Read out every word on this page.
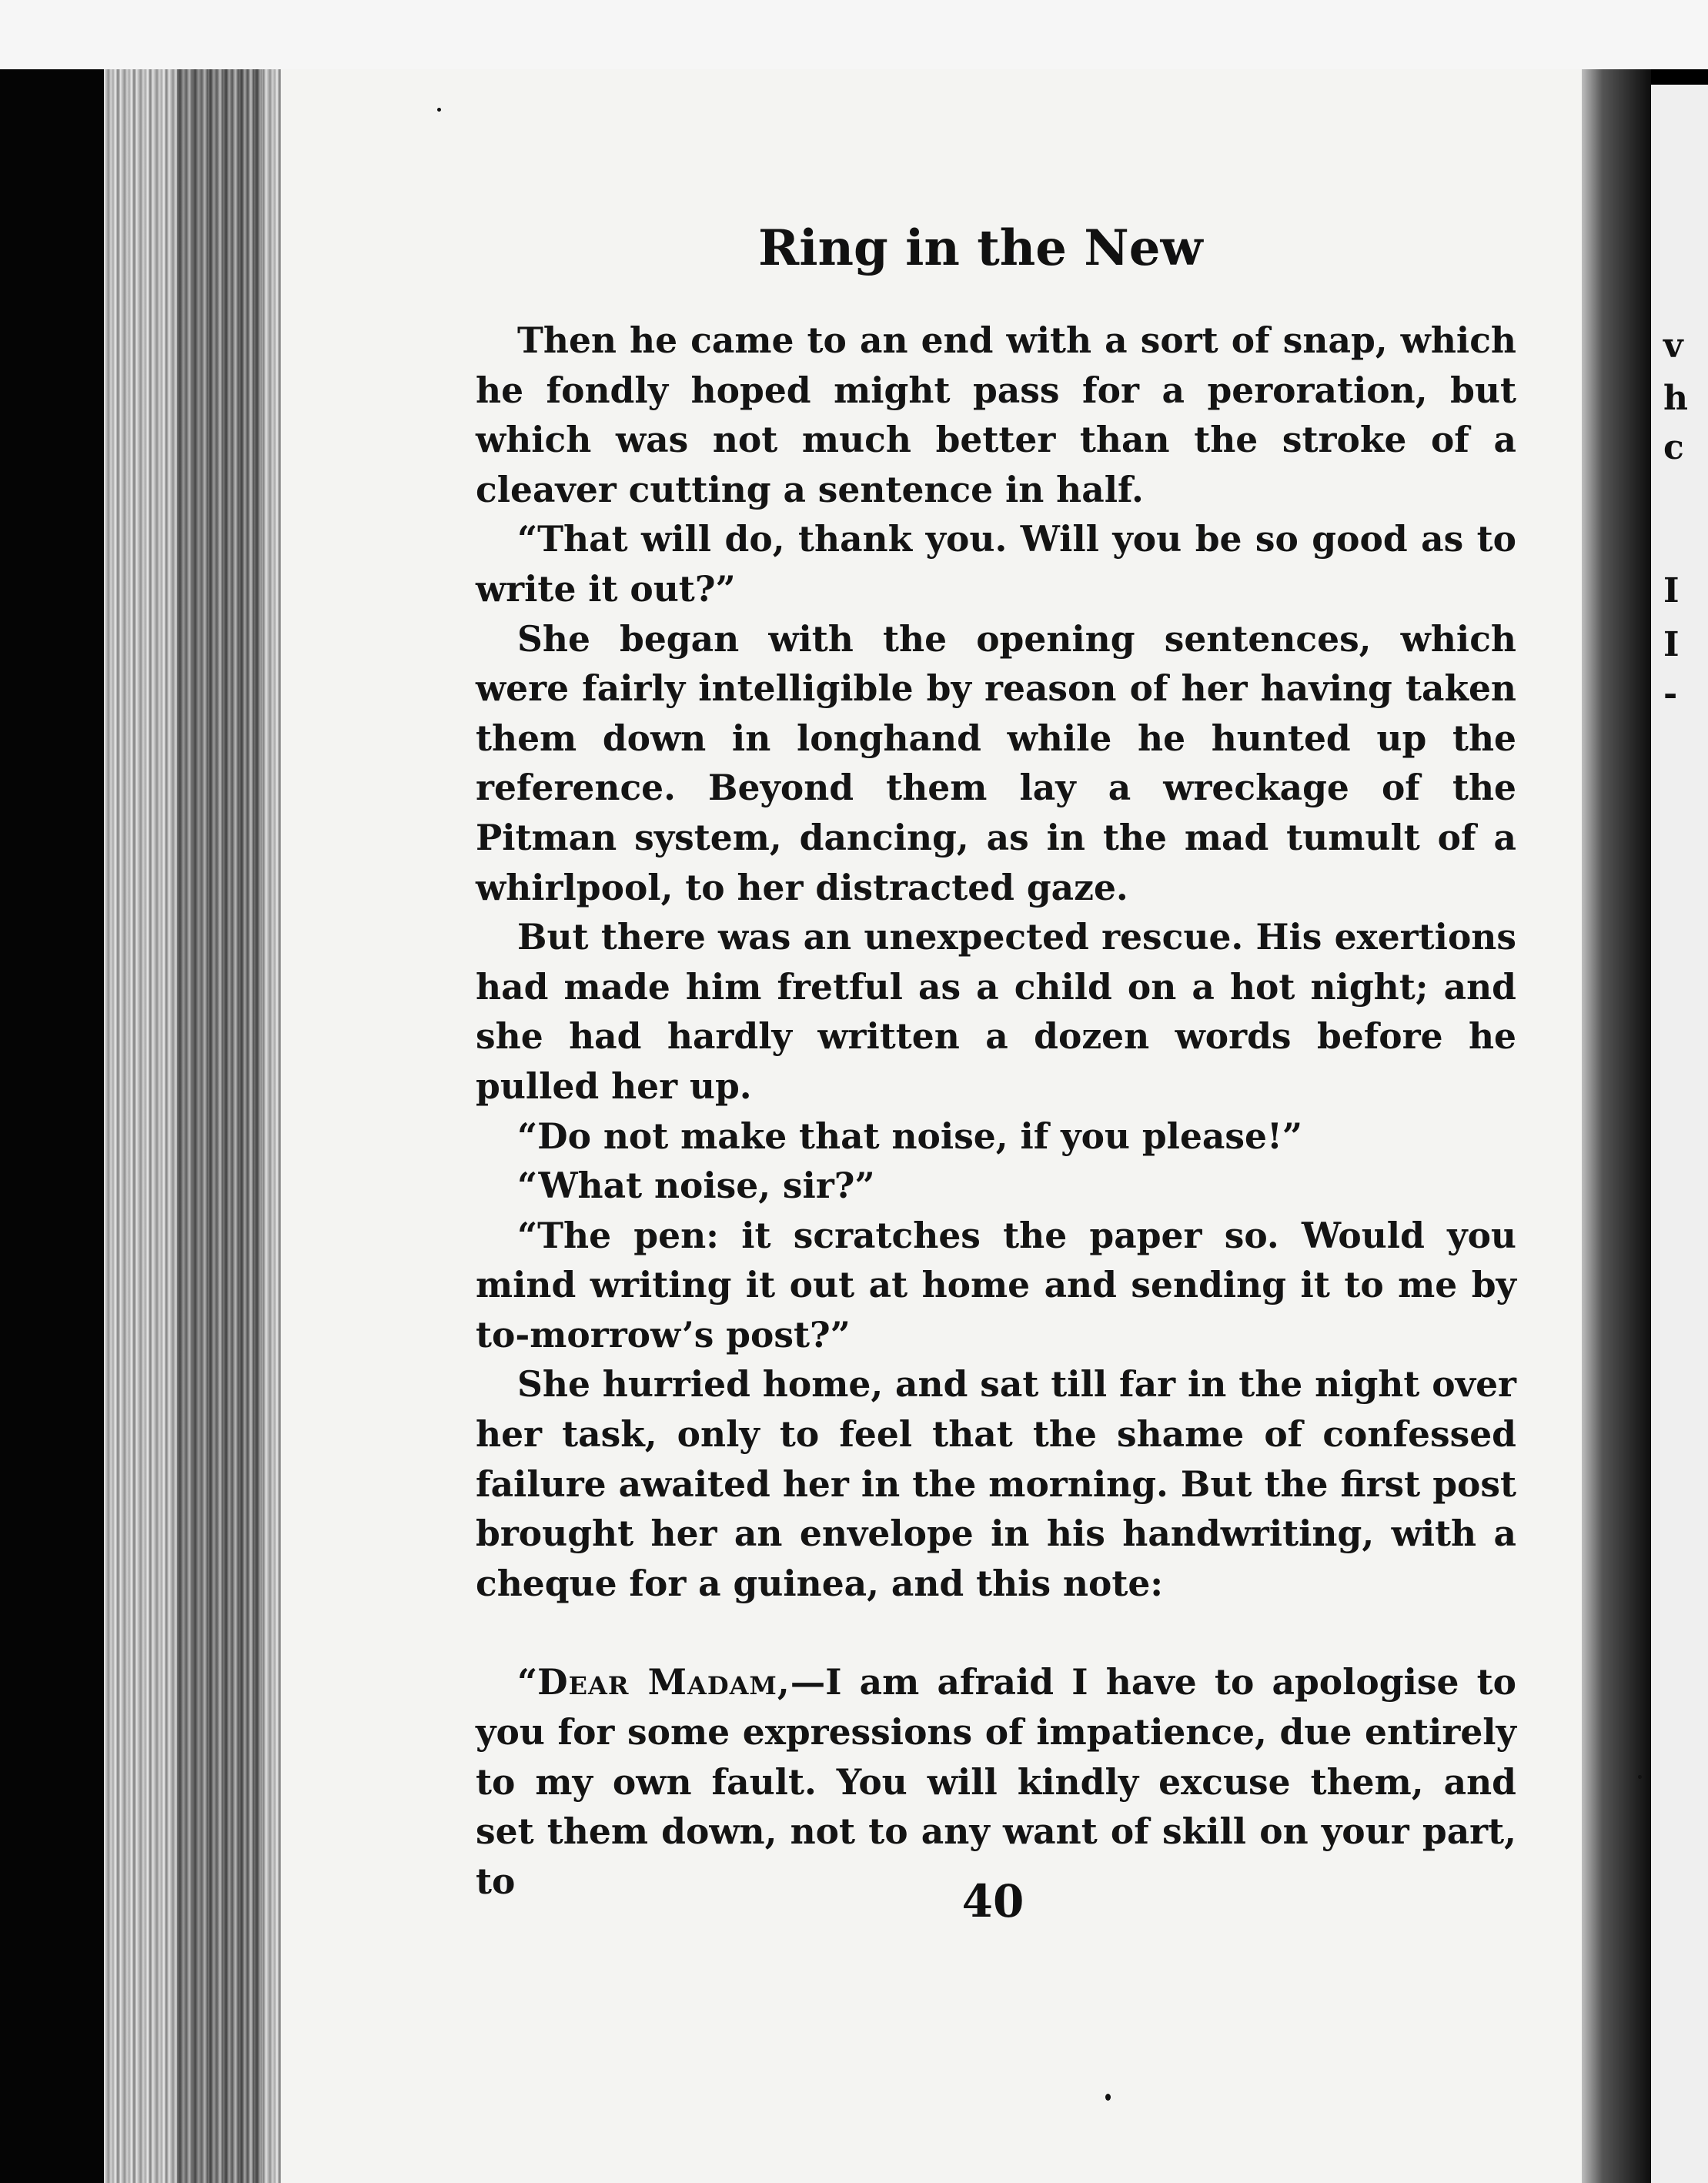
Ring in the New

Then he came to an end with a sort of snap, which he fondly hoped might pass for a peroration, but which was not much better than the stroke of a cleaver cutting a sentence in half.

“That will do, thank you. Will you be so good as to write it out?”

She began with the opening sentences, which were fairly intelligible by reason of her having taken them down in longhand while he hunted up the reference. Beyond them lay a wreckage of the Pitman system, dancing, as in the mad tumult of a whirlpool, to her distracted gaze.

But there was an unexpected rescue. His exertions had made him fretful as a child on a hot night; and she had hardly written a dozen words before he pulled her up.

“Do not make that noise, if you please!”

“What noise, sir?”

“The pen: it scratches the paper so. Would you mind writing it out at home and sending it to me by to-morrow’s post?”

She hurried home, and sat till far in the night over her task, only to feel that the shame of confessed failure awaited her in the morning. But the first post brought her an envelope in his handwriting, with a cheque for a guinea, and this note:

“Dear Madam,—I am afraid I have to apologise to you for some expressions of impatience, due entirely to my own fault. You will kindly excuse them, and set them down, not to any want of skill on your part, to	40
v
h
c
I
I
-
